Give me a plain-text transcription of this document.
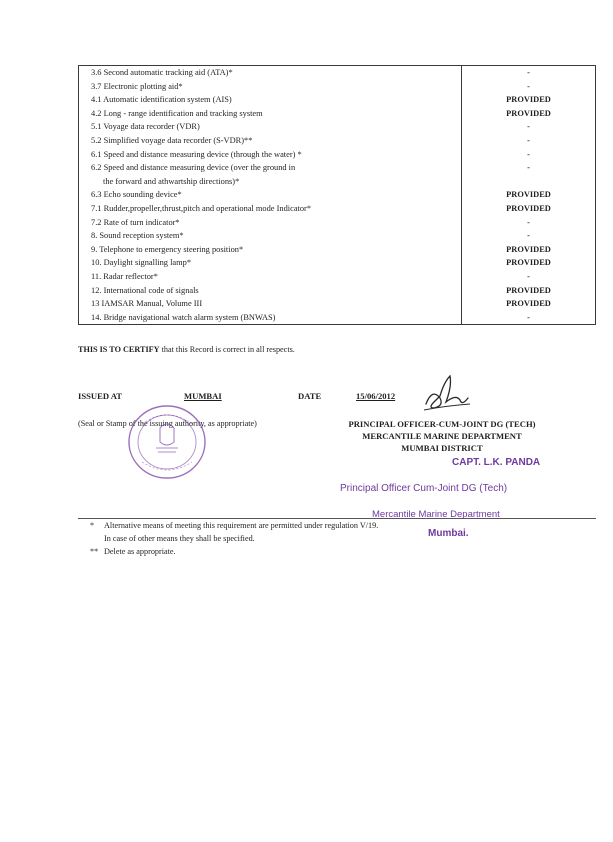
3.6 Second automatic tracking aid (ATA)*	-
3.7 Electronic plotting aid*	-
4.1 Automatic identification system (AIS)	PROVIDED
4.2 Long - range identification and tracking system	PROVIDED
5.1 Voyage data recorder (VDR)	-
5.2 Simplified voyage data recorder (S-VDR)**	-
6.1 Speed and distance measuring device (through the water) *	-
6.2 Speed and distance measuring device (over the ground in
the forward and athwartship directions)*	-
6.3 Echo sounding device*	PROVIDED
7.1 Rudder,propeller,thrust,pitch and operational mode Indicator*	PROVIDED
7.2 Rate of turn indicator*	-
8. Sound reception system*	-
9. Telephone to emergency steering position*	PROVIDED
10. Daylight signalling lamp*	PROVIDED
11. Radar reflector*	-
12. International code of signals	PROVIDED
13 IAMSAR Manual, Volume III	PROVIDED
14. Bridge navigational watch alarm system (BNWAS)	-
THIS IS TO CERTIFY that this Record is correct in all respects.
ISSUED AT	MUMBAI	DATE	15/06/2012
(Seal or Stamp of the issuing authority, as appropriate)	PRINCIPAL OFFICER-CUM-JOINT DG (TECH)
MERCANTILE MARINE DEPARTMENT
MUMBAI DISTRICT
CAPT. L.K. PANDA
Principal Officer Cum-Joint DG (Tech)
Mercantile Marine Department
Mumbai.
* Alternative means of meeting this requirement are permitted under regulation V/19.
In case of other means they shall be specified.
** Delete as appropriate.
